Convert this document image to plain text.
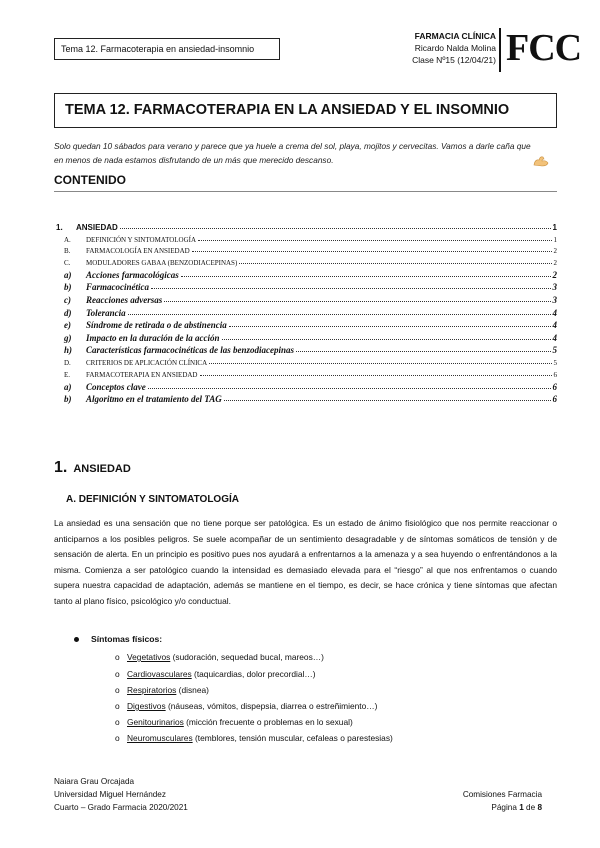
Tema 12. Farmacoterapia en ansiedad-insomnio
FARMACIA CLÍNICA
Ricardo Nalda Molina
Clase Nº15 (12/04/21) FCC
TEMA 12. FARMACOTERAPIA EN LA ANSIEDAD Y EL INSOMNIO
Solo quedan 10 sábados para verano y parece que ya huele a crema del sol, playa, mojitos y cervecitas. Vamos a darle caña que en menos de nada estamos disfrutando de un más que merecido descanso.
CONTENIDO
1.	ANSIEDAD	1
A.	DEFINICIÓN Y SINTOMATOLOGÍA	1
B.	FARMACOLOGÍA EN ANSIEDAD	2
C.	MODULADORES GABAA (BENZODIACEPINAS)	2
a)	Acciones farmacológicas	2
b)	Farmacocinética	3
c)	Reacciones adversas	3
d)	Tolerancia	4
e)	Síndrome de retirada o de abstinencia	4
g)	Impacto en la duración de la acción	4
h)	Características farmacocinéticas de las benzodiacepinas	5
D.	CRITERIOS DE APLICACIÓN CLÍNICA	5
E.	FARMACOTERAPIA EN ANSIEDAD	6
a)	Conceptos clave	6
b)	Algoritmo en el tratamiento del TAG	6
1. ANSIEDAD
A. DEFINICIÓN Y SINTOMATOLOGÍA
La ansiedad es una sensación que no tiene porque ser patológica. Es un estado de ánimo fisiológico que nos permite reaccionar o anticiparnos a los posibles peligros. Se suele acompañar de un sentimiento desagradable y de síntomas somáticos de tensión y de sensación de alerta. En un principio es positivo pues nos ayudará a enfrentarnos a la amenaza y a sea huyendo o enfrentándonos a la misma. Comienza a ser patológico cuando la intensidad es demasiado elevada para el “riesgo” al que nos enfrentamos o cuando supera nuestra capacidad de adaptación, además se mantiene en el tiempo, es decir, se hace crónica y tiene síntomas que afectan tanto al plano físico, psicológico y/o conductual.
Síntomas físicos:
o Vegetativos (sudoración, sequedad bucal, mareos…)
o Cardiovasculares (taquicardias, dolor precordial…)
o Respiratorios (disnea)
o Digestivos (náuseas, vómitos, dispepsia, diarrea o estreñimiento…)
o Genitourinarios (micción frecuente o problemas en lo sexual)
o Neuromusculares (temblores, tensión muscular, cefaleas o parestesias)
Naiara Grau Orcajada
Universidad Miguel Hernández
Cuarto – Grado Farmacia 2020/2021
Comisiones Farmacia
Página 1 de 8
